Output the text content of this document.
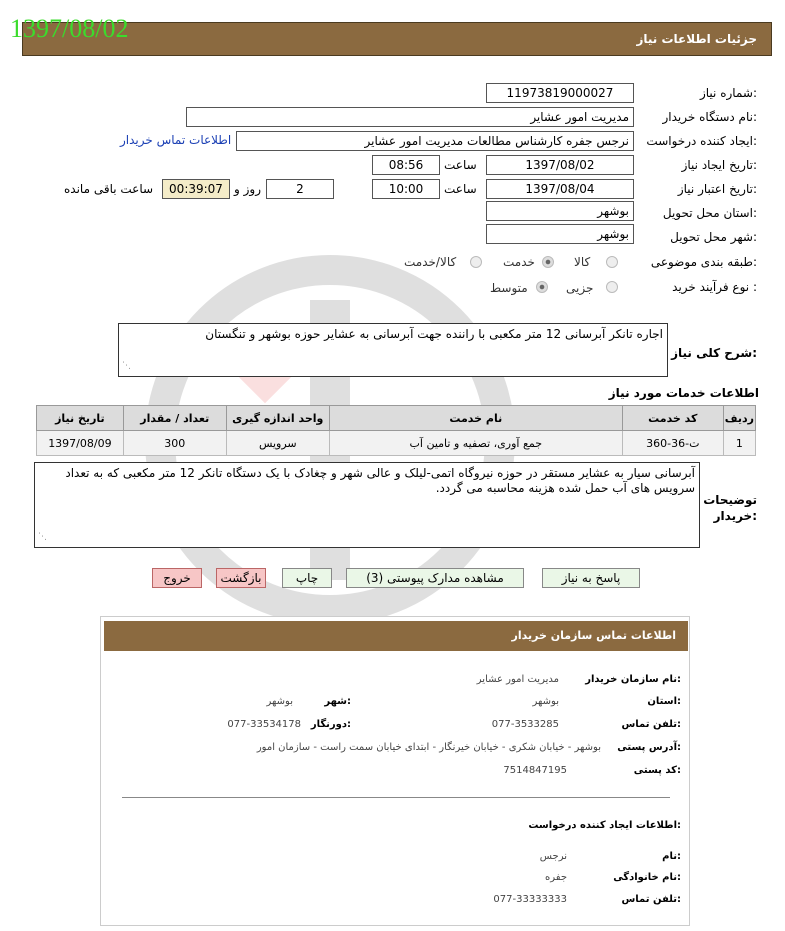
1397/08/02	جزئیات اطلاعات نیاز
شماره نیاز:
11973819000027
نام دستگاه خریدار:
مدیریت امور عشایر
ایجاد کننده درخواست:
نرجس جفره کارشناس مطالعات مدیریت امور عشایر
اطلاعات تماس خریدار
تاریخ ایجاد نیاز:
1397/08/02
ساعت
08:56
تاریخ اعتبار نیاز:
1397/08/04
ساعت
10:00
2
روز و
00:39:07
ساعت باقی مانده
استان محل تحویل:
بوشهر
شهر محل تحویل:
بوشهر
طبقه بندی موضوعی:
کالا
خدمت
کالا/خدمت
نوع فرآیند خرید :
جزیی
متوسط
شرح کلی نیاز:
اجاره تانکر آبرسانی 12 متر مکعبی با راننده جهت آبرسانی به عشایر حوزه بوشهر و تنگستان
⋰
اطلاعات خدمات مورد نیاز
ردیف	کد خدمت	نام خدمت	واحد اندازه گیری	تعداد / مقدار	تاریخ نیاز
1	ت-36-360	جمع آوری، تصفیه و تامین آب	سرویس	300	1397/08/09
توضیحات خریدار:
آبرسانی سیار به عشایر مستقر در حوزه نیروگاه اتمی-لیلک و عالی شهر و چغادک با یک دستگاه تانکر 12 متر مکعبی که به تعداد سرویس های آب حمل شده هزینه محاسبه می گردد.
⋰
پاسخ به نیاز
مشاهده مدارک پیوستی (3)
چاپ
بازگشت
خروج
اطلاعات تماس سازمان خریدار
نام سازمان خریدار:
مدیریت امور عشایر
استان:
بوشهر
شهر:
بوشهر
تلفن تماس:
077-3533285
دورنگار:
077-33534178
آدرس پستی:
بوشهر - خیابان شکری - خیابان خیرنگار - ابتدای خیابان سمت راست - سازمان امور
کد پستی:
7514847195
اطلاعات ایجاد کننده درخواست:
نام:
نرجس
نام خانوادگی:
جفره
تلفن تماس:
077-33333333
